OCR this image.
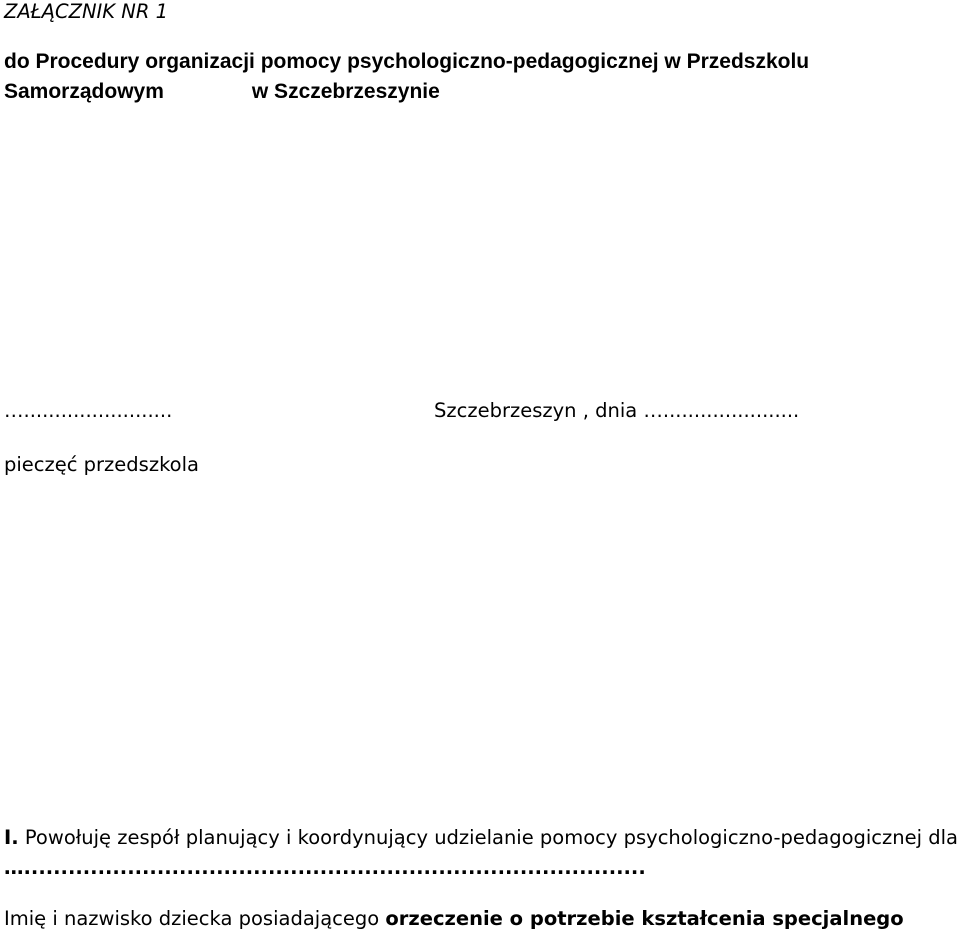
ZAŁĄCZNIK NR 1
do Procedury organizacji pomocy psychologiczno-pedagogicznej w Przedszkolu
Samorządowym	w Szczebrzeszynie
…........................	Szczebrzeszyn , dnia …......................
pieczęć przedszkola
I. Powołuję zespół planujący i koordynujący udzielanie pomocy psychologiczno-pedagogicznej dla
…....................................................................................
Imię i nazwisko dziecka posiadającego orzeczenie o potrzebie kształcenia specjalnego
